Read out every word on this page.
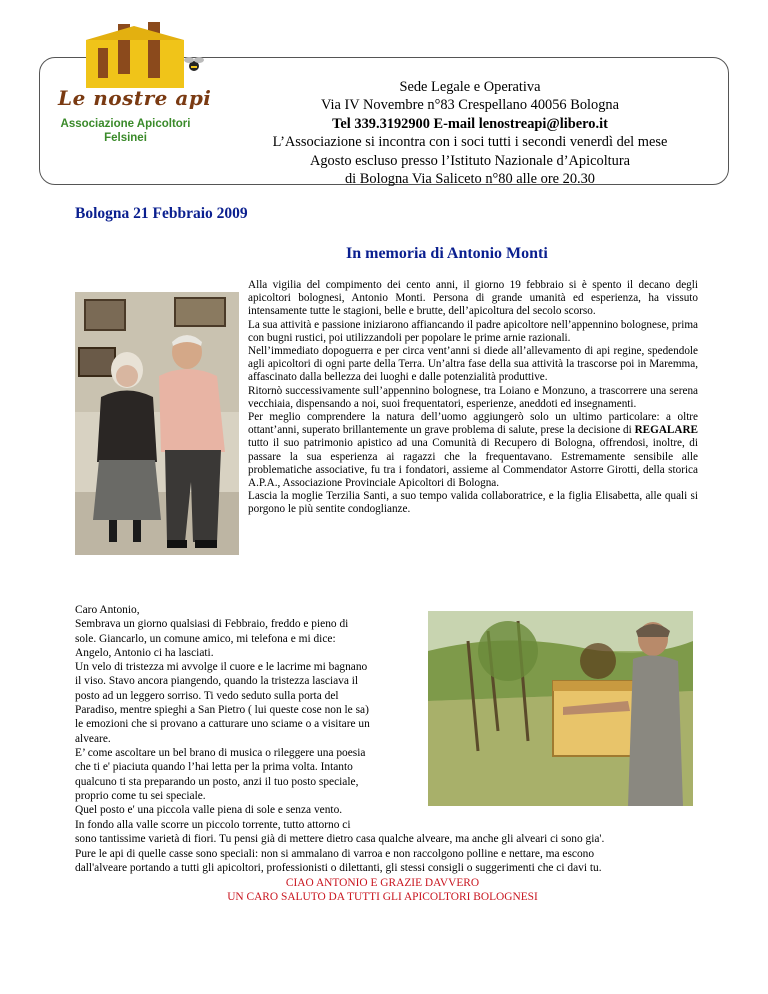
Le nostre api
Associazione Apicoltori
Felsinei
Sede Legale e Operativa
Via IV Novembre n°83 Crespellano 40056 Bologna
Tel 339.3192900 E-mail lenostreapi@libero.it
L’Associazione si incontra con i soci tutti i secondi venerdì del mese
Agosto escluso presso l’Istituto Nazionale d’Apicoltura
di Bologna Via Saliceto n°80 alle ore 20.30
Bologna 21 Febbraio 2009
In memoria di Antonio Monti

Alla vigilia del compimento dei cento anni, il giorno 19 febbraio si è spento il decano degli apicoltori bolognesi, Antonio Monti. Persona di grande umanità ed esperienza, ha vissuto intensamente tutte le stagioni, belle e brutte, dell’apicoltura del secolo scorso.

La sua attività e passione iniziarono affiancando il padre apicoltore nell’appennino bolognese, prima con bugni rustici, poi utilizzandoli per popolare le prime arnie razionali.

Nell’immediato dopoguerra e per circa vent’anni si diede all’allevamento di api regine, spedendole agli apicoltori di ogni parte della Terra. Un’altra fase della sua attività la trascorse poi in Maremma, affascinato dalla bellezza dei luoghi e dalle potenzialità produttive.

Ritornò successivamente sull’appennino bolognese, tra Loiano e Monzuno, a trascorrere una serena vecchiaia, dispensando a noi, suoi frequentatori, esperienze, aneddoti ed insegnamenti.

Per meglio comprendere la natura dell’uomo aggiungerò solo un ultimo particolare: a oltre ottant’anni, superato brillantemente un grave problema di salute, prese la decisione di REGALARE tutto il suo patrimonio apistico ad una Comunità di Recupero di Bologna, offrendosi, inoltre, di passare la sua esperienza ai ragazzi che la frequentavano. Estremamente sensibile alle problematiche associative, fu tra i fondatori, assieme al Commendator Astorre Girotti, della storica A.P.A., Associazione Provinciale Apicoltori di Bologna.

Lascia la moglie Terzilia Santi, a suo tempo valida collaboratrice, e la figlia Elisabetta, alle quali si porgono le più sentite condoglianze.

Caro Antonio,
Sembrava un giorno qualsiasi di Febbraio, freddo e pieno di
sole. Giancarlo, un comune amico, mi telefona e mi dice:
Angelo, Antonio ci ha lasciati.
Un velo di tristezza mi avvolge il cuore e le lacrime mi bagnano
il viso. Stavo ancora piangendo, quando la tristezza lasciava il
posto ad un leggero sorriso. Ti vedo seduto sulla porta del
Paradiso, mentre spieghi a San Pietro ( lui queste cose non le sa)
le emozioni che si provano a catturare uno sciame o a visitare un
alveare.
E’ come ascoltare un bel brano di musica o rileggere una poesia
che ti e' piaciuta quando l’hai letta per la prima volta. Intanto
qualcuno ti sta preparando un posto, anzi il tuo posto speciale,
proprio come tu sei speciale.
Quel posto e' una piccola valle piena di sole e senza vento.
In fondo alla valle scorre un piccolo torrente, tutto attorno ci
sono tantissime varietà di fiori. Tu pensi già di mettere dietro casa qualche alveare, ma anche gli alveari ci sono gia'.
Pure le api di quelle casse sono speciali: non si ammalano di varroa e non raccolgono polline e nettare, ma escono
dall'alveare portando a tutti gli apicoltori, professionisti o dilettanti, gli stessi consigli o suggerimenti che ci davi tu.
CIAO ANTONIO E GRAZIE DAVVERO
UN CARO SALUTO DA TUTTI GLI APICOLTORI BOLOGNESI
